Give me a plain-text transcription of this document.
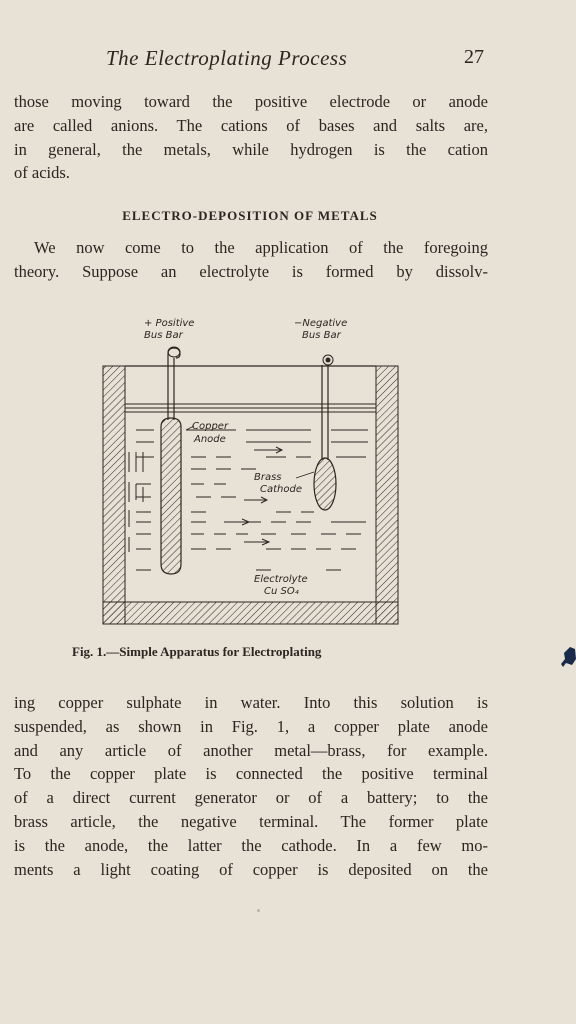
The Electroplating Process	27

those moving toward the positive electrode or anode
are called anions. The cations of bases and salts are,
in general, the metals, while hydrogen is the cation
of acids.

ELECTRO-DEPOSITION OF METALS

We now come to the application of the foregoing
theory. Suppose an electrolyte is formed by dissolv-

+ Positive
Bus Bar
−Negative
Bus Bar
Copper
Anode
Brass
Cathode
Electrolyte
Cu SO₄
Fig. 1.—Simple Apparatus for Electroplating

ing copper sulphate in water. Into this solution is
suspended, as shown in Fig. 1, a copper plate anode
and any article of another metal—brass, for example.
To the copper plate is connected the positive terminal
of a direct current generator or of a battery; to the
brass article, the negative terminal. The former plate
is the anode, the latter the cathode. In a few mo-
ments a light coating of copper is deposited on the
